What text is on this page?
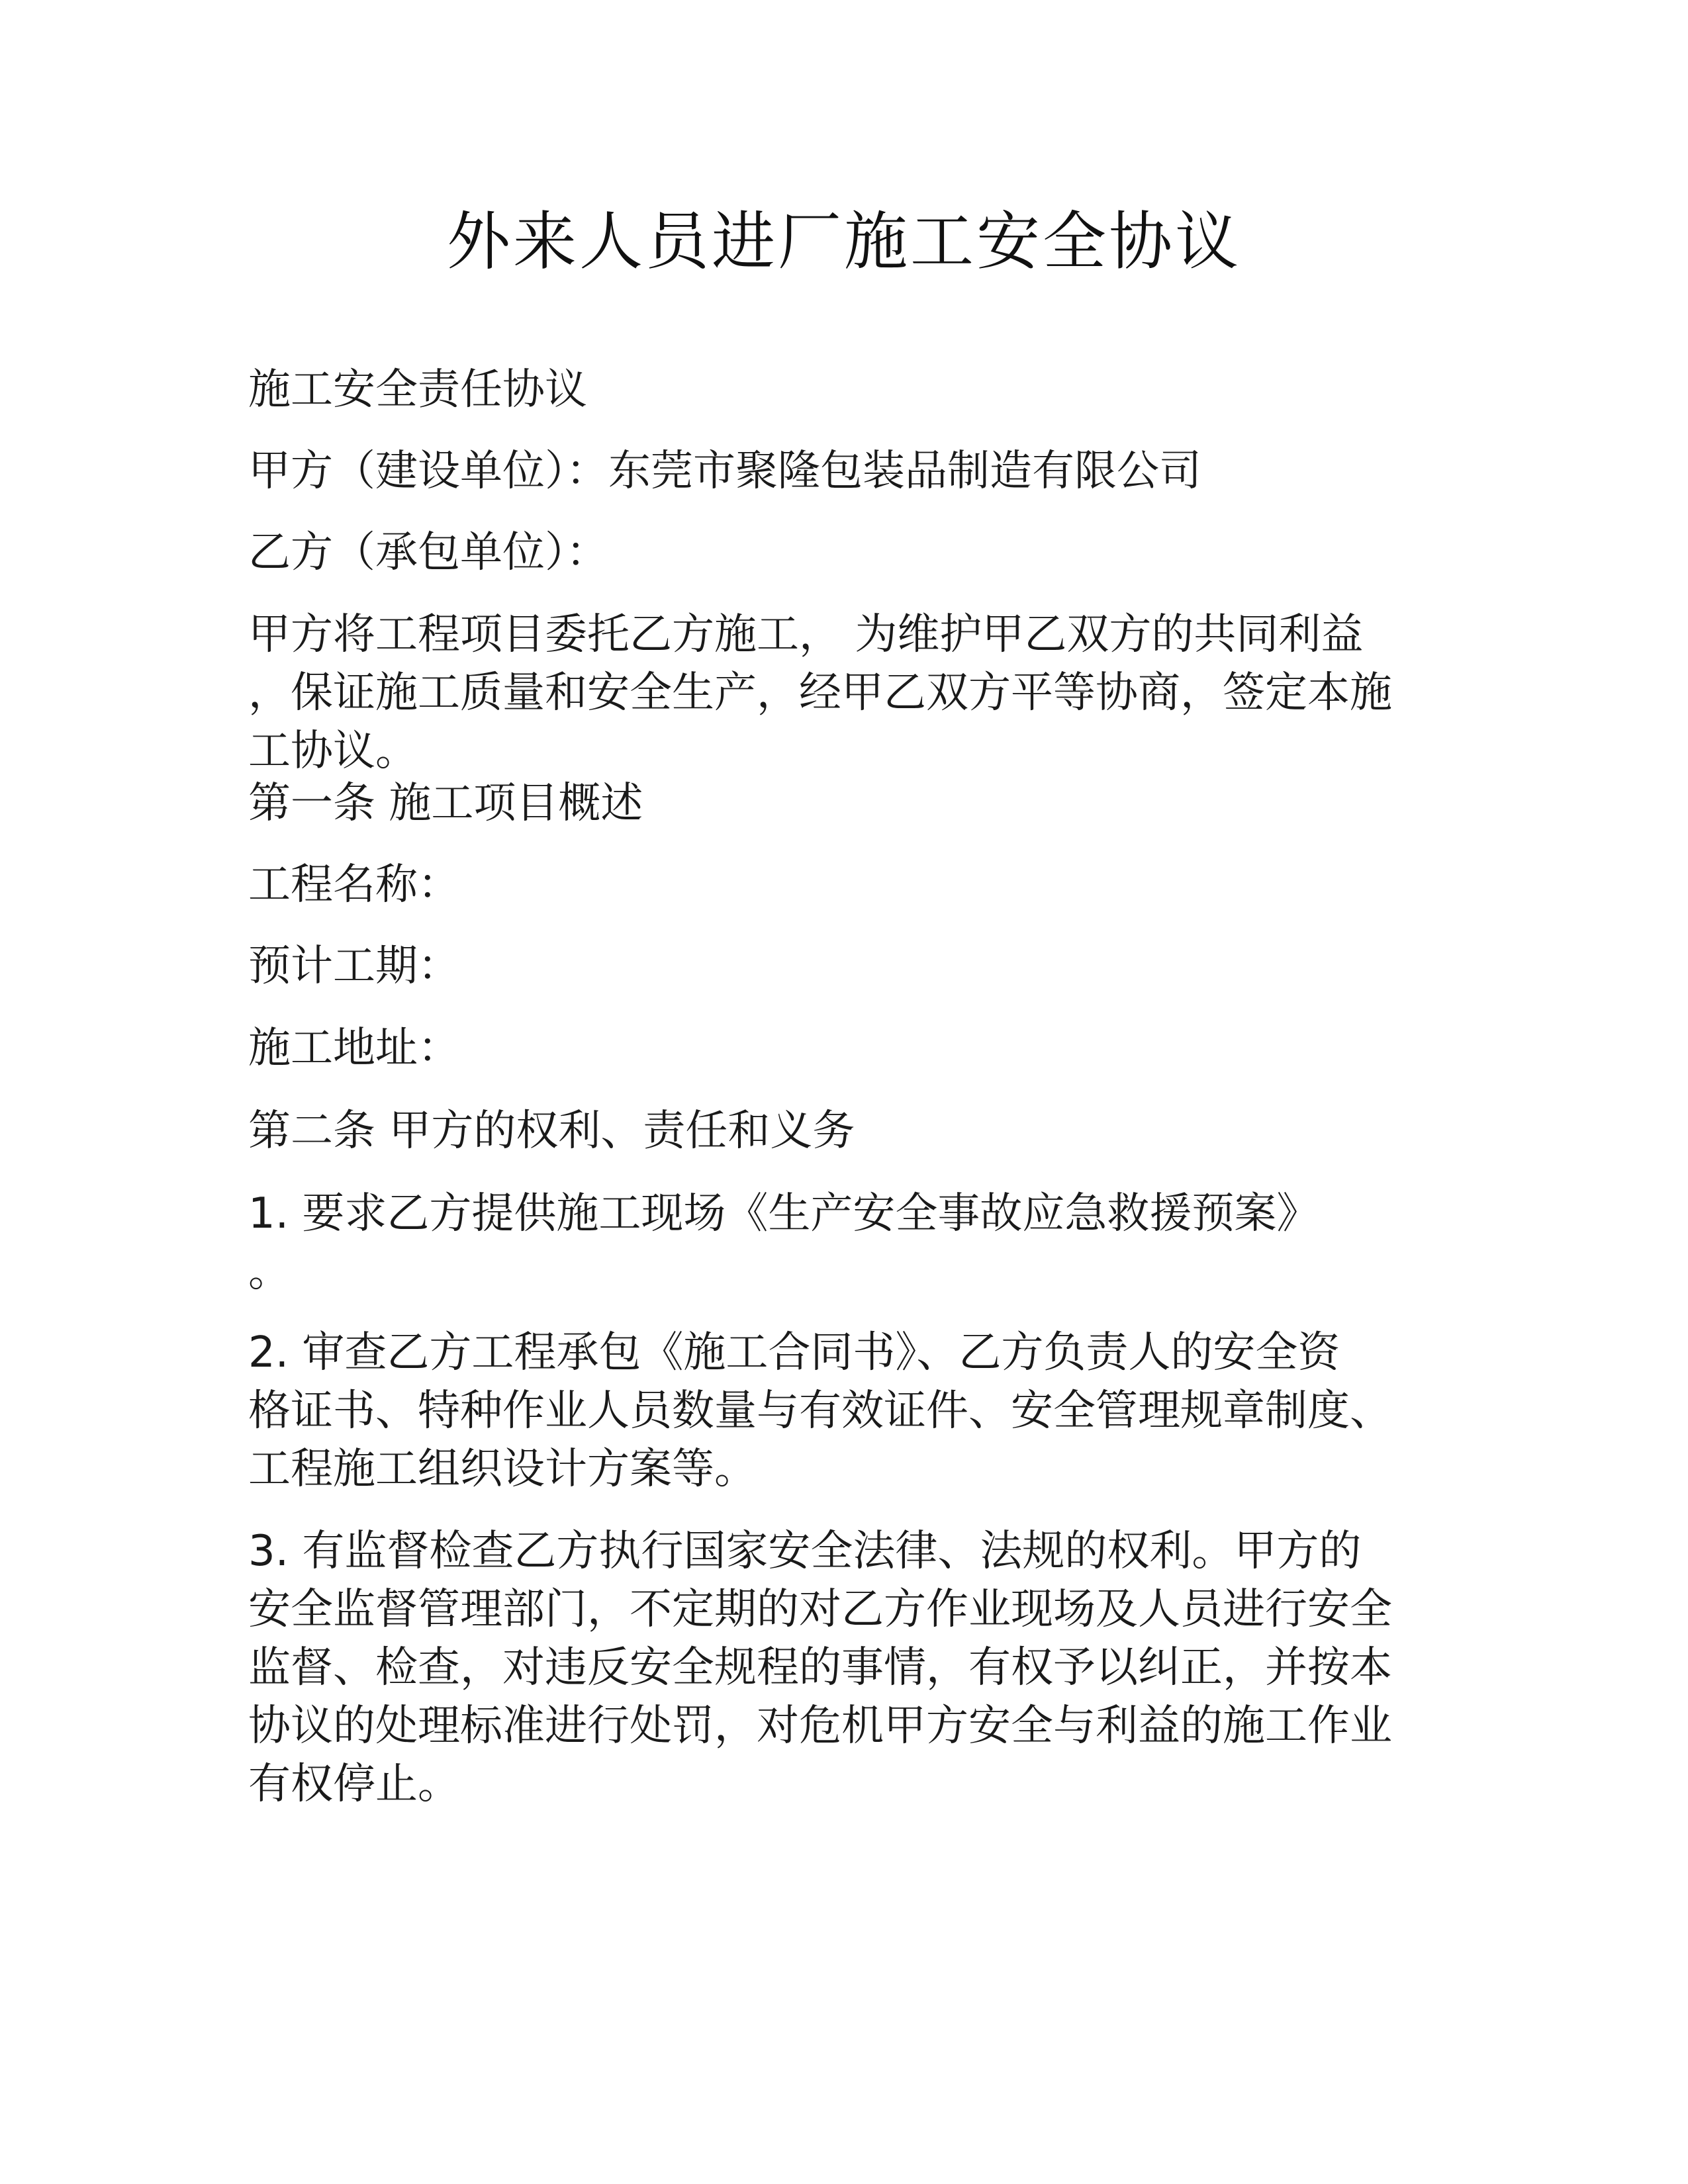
外来人员进厂施工安全协议
施工安全责任协议
甲方（建设单位）：东莞市聚隆包装品制造有限公司
乙方（承包单位）：
甲方将工程项目委托乙方施工， 为维护甲乙双方的共同利益
，保证施工质量和安全生产，经甲乙双方平等协商，签定本施
工协议。
第一条 施工项目概述
工程名称：
预计工期：
施工地址：
第二条 甲方的权利、责任和义务
1. 要求乙方提供施工现场《生产安全事故应急救援预案》
。
2. 审查乙方工程承包《施工合同书》、乙方负责人的安全资
格证书、特种作业人员数量与有效证件、安全管理规章制度、
工程施工组织设计方案等。
3. 有监督检查乙方执行国家安全法律、法规的权利。甲方的
安全监督管理部门，不定期的对乙方作业现场及人员进行安全
监督、检查，对违反安全规程的事情，有权予以纠正，并按本
协议的处理标准进行处罚，对危机甲方安全与利益的施工作业
有权停止。
